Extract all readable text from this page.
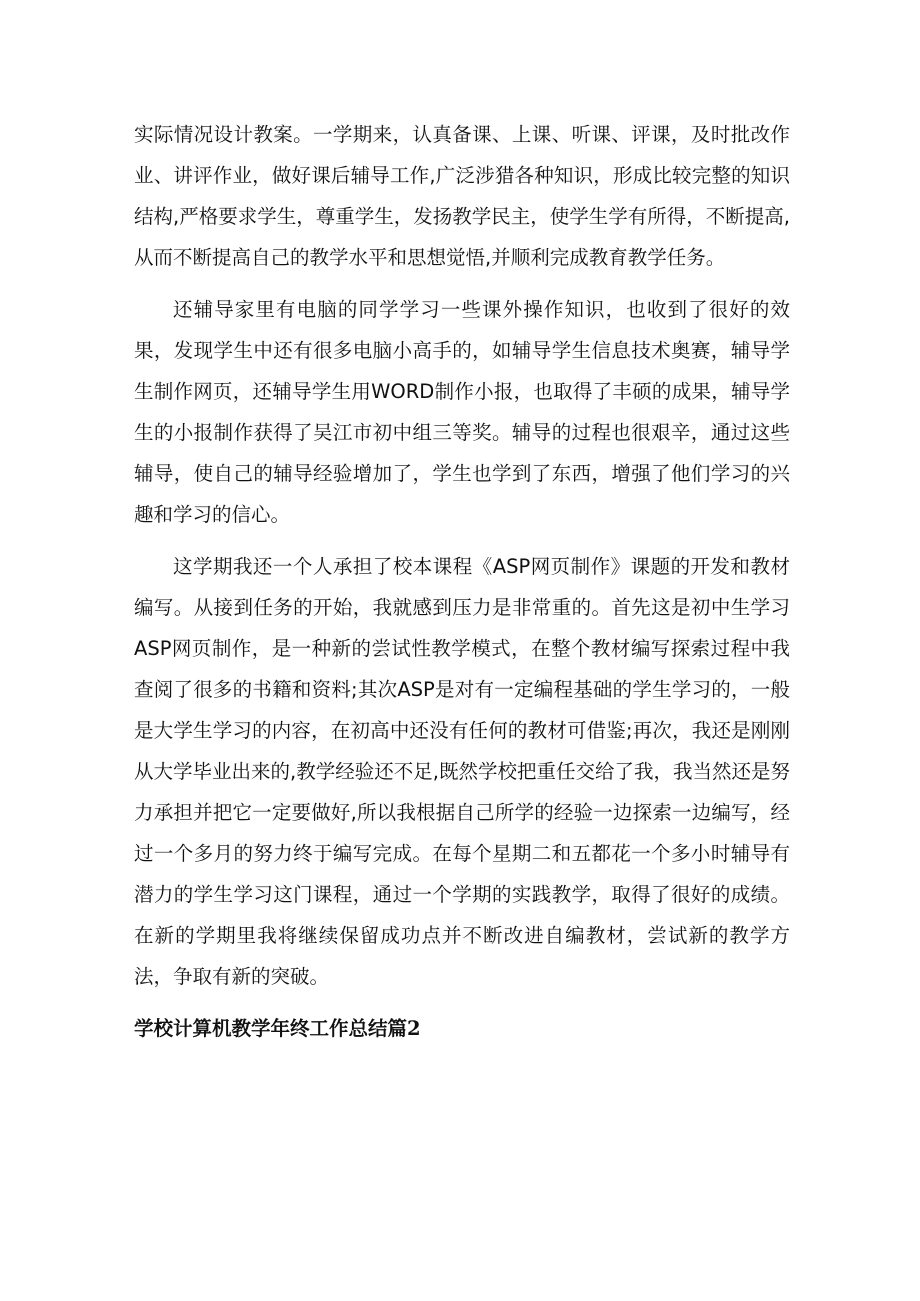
实际情况设计教案。一学期来，认真备课、上课、听课、评课，及时批改作业、讲评作业，做好课后辅导工作,广泛涉猎各种知识，形成比较完整的知识结构,严格要求学生，尊重学生，发扬教学民主，使学生学有所得，不断提高,从而不断提高自己的教学水平和思想觉悟,并顺利完成教育教学任务。

还辅导家里有电脑的同学学习一些课外操作知识，也收到了很好的效果，发现学生中还有很多电脑小高手的，如辅导学生信息技术奥赛，辅导学生制作网页，还辅导学生用WORD制作小报，也取得了丰硕的成果，辅导学生的小报制作获得了吴江市初中组三等奖。辅导的过程也很艰辛，通过这些辅导，使自己的辅导经验增加了，学生也学到了东西，增强了他们学习的兴趣和学习的信心。

这学期我还一个人承担了校本课程《ASP网页制作》课题的开发和教材编写。从接到任务的开始，我就感到压力是非常重的。首先这是初中生学习ASP网页制作，是一种新的尝试性教学模式，在整个教材编写探索过程中我查阅了很多的书籍和资料;其次ASP是对有一定编程基础的学生学习的，一般是大学生学习的内容，在初高中还没有任何的教材可借鉴;再次，我还是刚刚从大学毕业出来的,教学经验还不足,既然学校把重任交给了我，我当然还是努力承担并把它一定要做好,所以我根据自己所学的经验一边探索一边编写，经过一个多月的努力终于编写完成。在每个星期二和五都花一个多小时辅导有潜力的学生学习这门课程，通过一个学期的实践教学，取得了很好的成绩。在新的学期里我将继续保留成功点并不断改进自编教材，尝试新的教学方法，争取有新的突破。

学校计算机教学年终工作总结篇2
